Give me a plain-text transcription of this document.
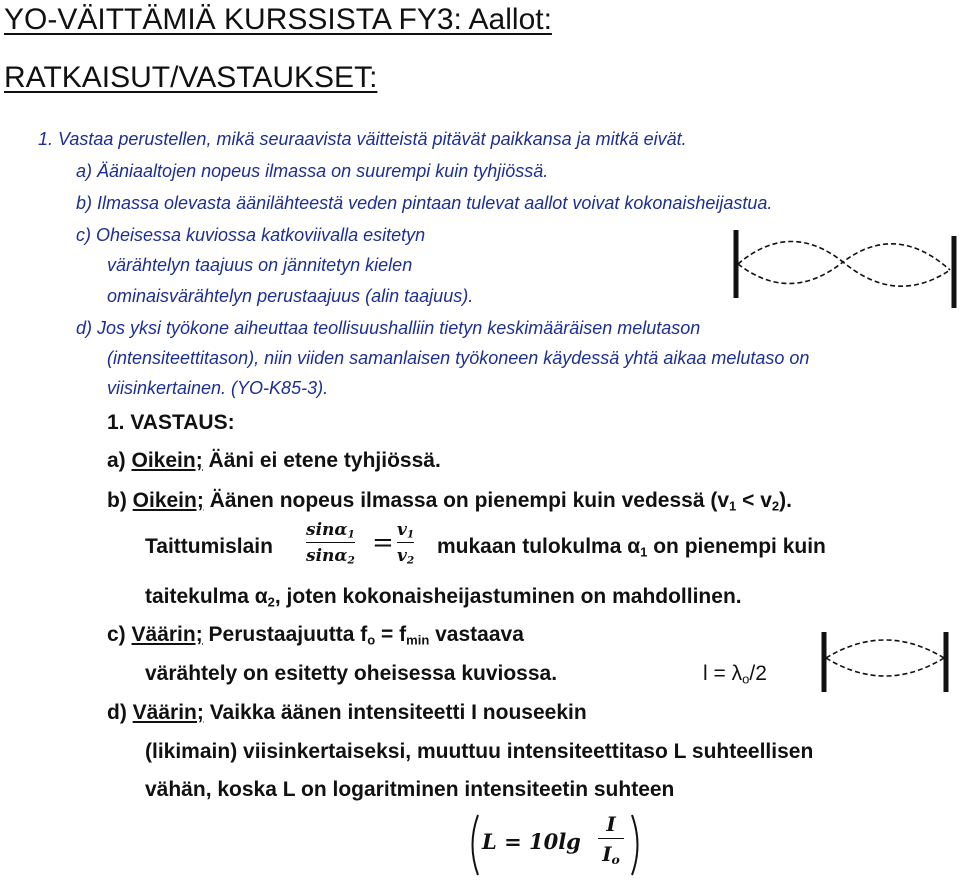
YO-VÄITTÄMIÄ KURSSISTA FY3: Aallot:
RATKAISUT/VASTAUKSET:

1. Vastaa perustellen, mikä seuraavista väitteistä pitävät paikkansa ja mitkä eivät.

a) Ääniaaltojen nopeus ilmassa on suurempi kuin tyhjiössä.

b) Ilmassa olevasta äänilähteestä veden pintaan tulevat aallot voivat kokonaisheijastua.

c) Oheisessa kuviossa katkoviivalla esitetyn

värähtelyn taajuus on jännitetyn kielen

ominaisvärähtelyn perustaajuus (alin taajuus).

d) Jos yksi työkone aiheuttaa teollisuushalliin tietyn keskimääräisen melutason

(intensiteettitason), niin viiden samanlaisen työkoneen käydessä yhtä aikaa melutaso on

viisinkertainen. (YO-K85-3).

1. VASTAUS:

a) Oikein; Ääni ei etene tyhjiössä.

b) Oikein; Äänen nopeus ilmassa on pienempi kuin vedessä $(v_1 < v_2)$.

Taittumislain

sinα$_1$
sinα$_2$
= $v_1$
$v_2$

mukaan tulokulma $\alpha_1$ on pienempi kuin

taitekulma $\alpha_2$, joten kokonaisheijastuminen on mahdollinen.

c) Väärin; Perustaajuutta $f_o = f_{min}$ vastaava

värähtely on esitetty oheisessa kuviossa.	$l = \lambda_o/2$

d) Väärin; Vaikka äänen intensiteetti I nouseekin

(likimain) viisinkertaiseksi, muuttuu intensiteettitaso L suhteellisen

vähän, koska L on logaritminen intensiteetin suhteen

L = 10lg
I
$I_o$
